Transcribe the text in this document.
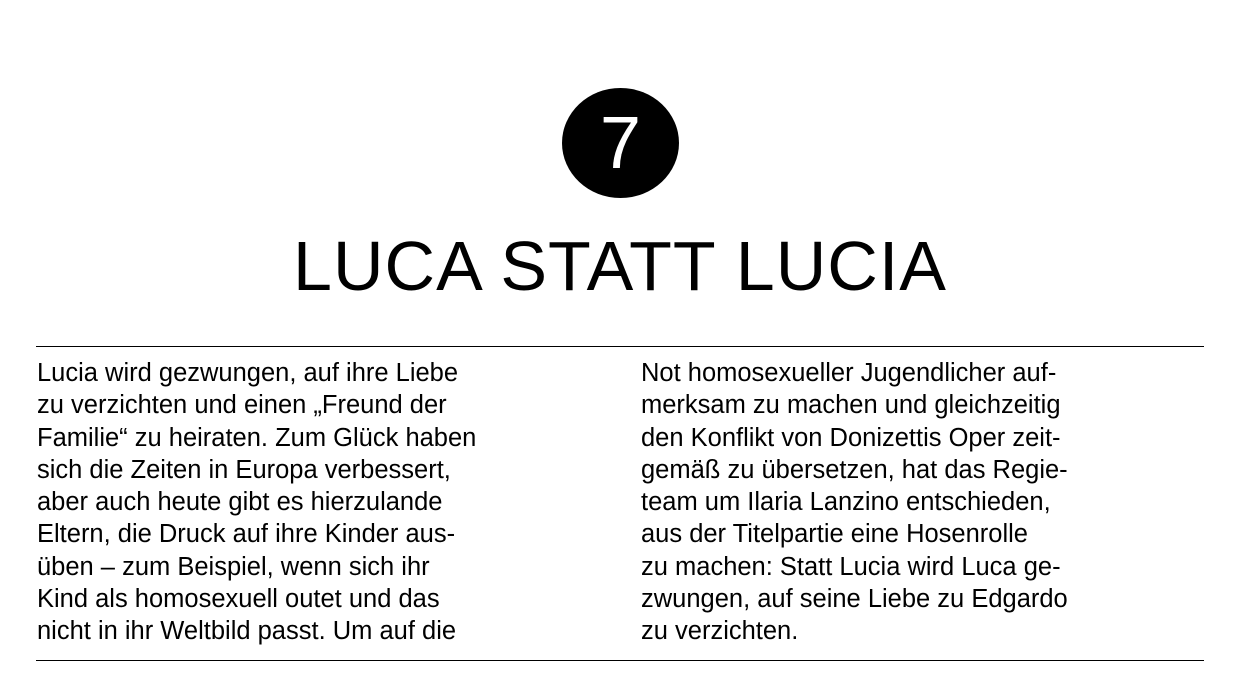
7
LUCA STATT LUCIA
Lucia wird gezwungen, auf ihre Liebe
zu verzichten und einen „Freund der
Familie“ zu heiraten. Zum Glück haben
sich die Zeiten in Europa verbessert,
aber auch heute gibt es hierzulande
Eltern, die Druck auf ihre Kinder aus-
üben – zum Beispiel, wenn sich ihr
Kind als homosexuell outet und das
nicht in ihr Weltbild passt. Um auf die
Not homosexueller Jugendlicher auf-
merksam zu machen und gleichzeitig
den Konflikt von Donizettis Oper zeit-
gemäß zu übersetzen, hat das Regie-
team um Ilaria Lanzino entschieden,
aus der Titelpartie eine Hosenrolle
zu machen: Statt Lucia wird Luca ge-
zwungen, auf seine Liebe zu Edgardo
zu verzichten.
